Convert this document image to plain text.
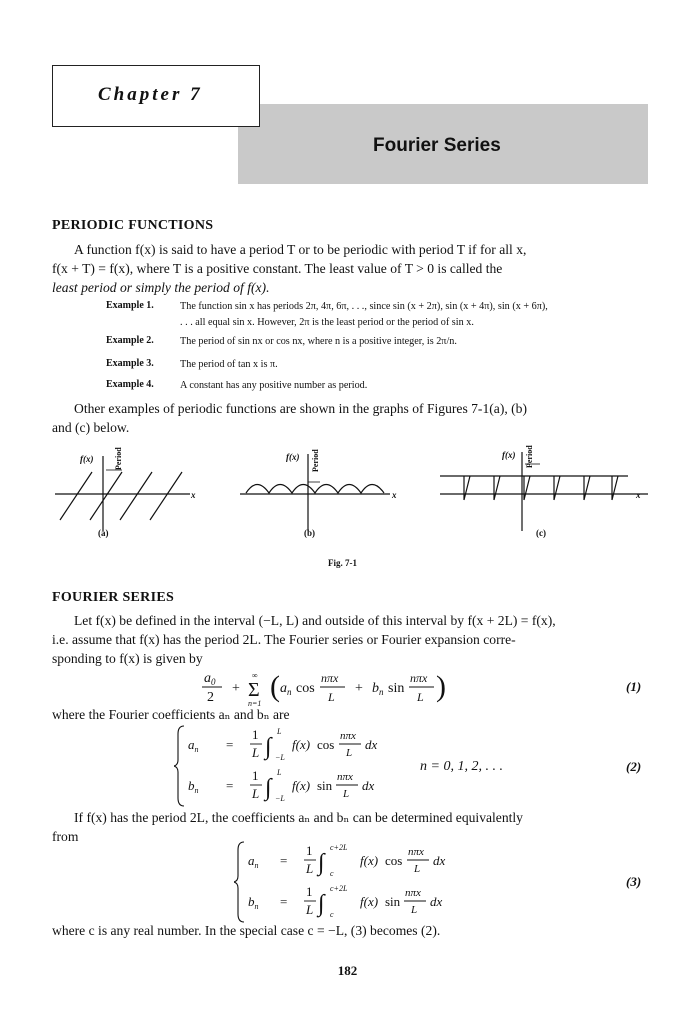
Chapter 7
Fourier Series
PERIODIC FUNCTIONS
A function f(x) is said to have a period T or to be periodic with period T if for all x,
f(x + T) = f(x), where T is a positive constant. The least value of T > 0 is called the
least period or simply the period of f(x).
Example 1.	The function sin x has periods 2π, 4π, 6π, . . ., since sin (x + 2π), sin (x + 4π), sin (x + 6π),
. . . all equal sin x. However, 2π is the least period or the period of sin x.
Example 2.	The period of sin nx or cos nx, where n is a positive integer, is 2π/n.
Example 3.	The period of tan x is π.
Example 4.	A constant has any positive number as period.
Other examples of periodic functions are shown in the graphs of Figures 7-1(a), (b)
and (c) below.
f(x)	Period
x
(a)
f(x) Period
x
(b)
f(x) Period
x
(c)
Fig. 7-1
FOURIER SERIES
Let f(x) be defined in the interval (−L, L) and outside of this interval by f(x + 2L) = f(x),
i.e. assume that f(x) has the period 2L. The Fourier series or Fourier expansion corre-
sponding to f(x) is given by
$a_0$
2
+ Σ
∞
n=1
( $a_n$ cos
nπx
L
+ $b_n$ sin
nπx
L )	(1)
where the Fourier coefficients aₙ and bₙ are
$a_n$ =
1
L ∫
L
−L
f(x) cos
nπx
L
dx
$b_n$ =
1
L ∫
L
−L
f(x) sin
nπx
L
dx
n = 0, 1, 2, . . .	(2)
If f(x) has the period 2L, the coefficients aₙ and bₙ can be determined equivalently
from
$a_n$ =
1
L ∫
c+2L
c
f(x) cos
nπx
L
dx
$b_n$ =
1
L ∫
c+2L
c
f(x) sin
nπx
L
dx
(3)
where c is any real number. In the special case c = −L, (3) becomes (2).
182
